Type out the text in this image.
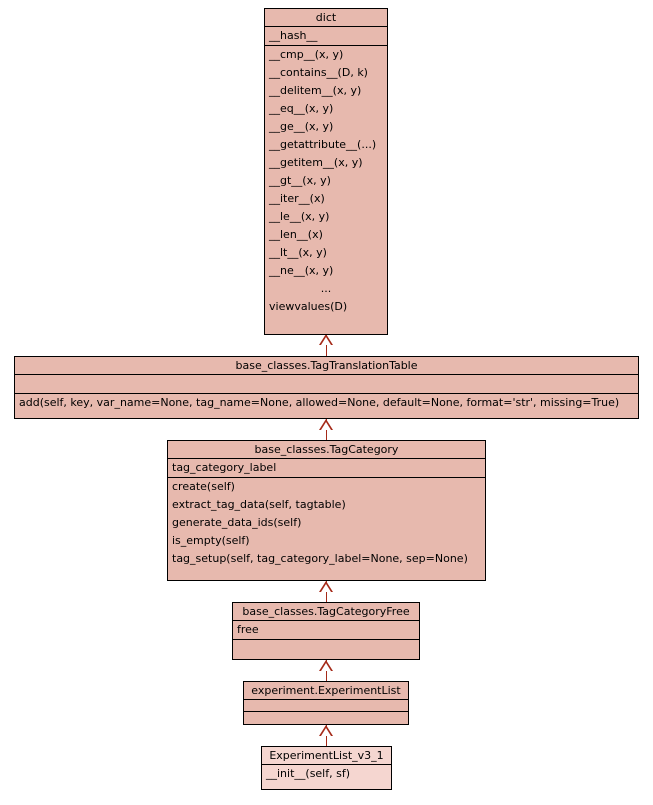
dict
__hash__
__cmp__(x, y)
__contains__(D, k)
__delitem__(x, y)
__eq__(x, y)
__ge__(x, y)
__getattribute__(...)
__getitem__(x, y)
__gt__(x, y)
__iter__(x)
__le__(x, y)
__len__(x)
__lt__(x, y)
__ne__(x, y)
...
viewvalues(D)
base_classes.TagTranslationTable
add(self, key, var_name=None, tag_name=None, allowed=None, default=None, format='str', missing=True)
base_classes.TagCategory
tag_category_label
create(self)
extract_tag_data(self, tagtable)
generate_data_ids(self)
is_empty(self)
tag_setup(self, tag_category_label=None, sep=None)
base_classes.TagCategoryFree
free
experiment.ExperimentList
ExperimentList_v3_1
__init__(self, sf)
